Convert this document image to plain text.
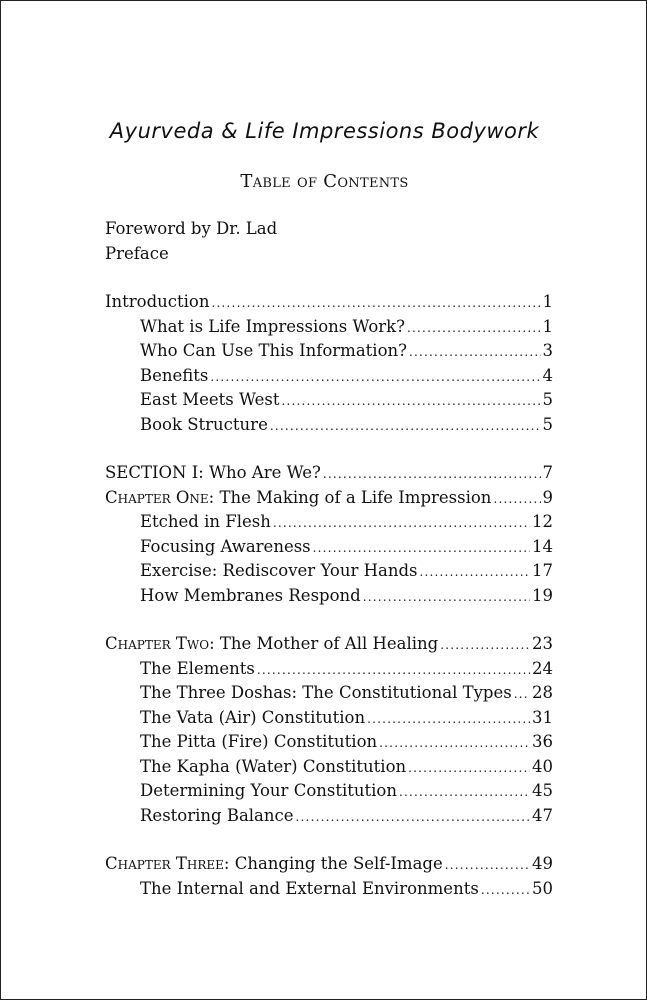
Ayurveda & Life Impressions Bodywork
Table of Contents
Foreword by Dr. Lad
Preface
Introduction .....	1
What is Life Impressions Work? .....	1
Who Can Use This Information? .....	3
Benefits .....	4
East Meets West .....	5
Book Structure .....	5
SECTION I: Who Are We? .....	7
Chapter One: The Making of a Life Impression .....	9
Etched in Flesh .....	12
Focusing Awareness .....	14
Exercise: Rediscover Your Hands .....	17
How Membranes Respond .....	19
Chapter Two: The Mother of All Healing .....	23
The Elements .....	24
The Three Doshas: The Constitutional Types ..... 28
The Vata (Air) Constitution .....	31
The Pitta (Fire) Constitution .....	36
The Kapha (Water) Constitution .....	40
Determining Your Constitution .....	45
Restoring Balance .....	47
Chapter Three: Changing the Self-Image .....	49
The Internal and External Environments .....	50
